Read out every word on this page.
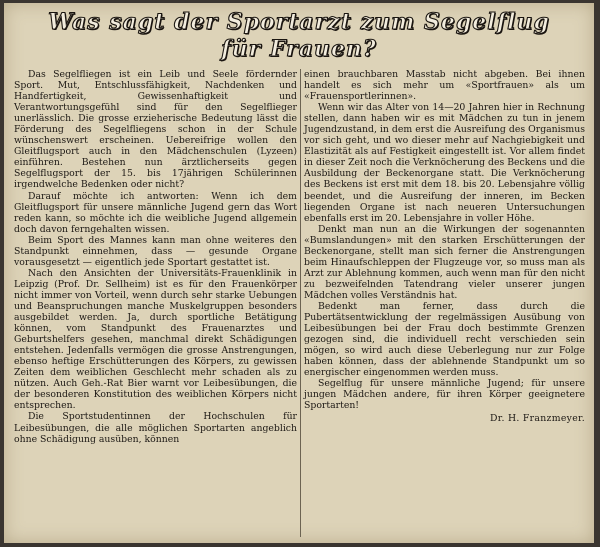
Was sagt der Sportarzt zum Segelflug
für Frauen?

Das Segelfliegen ist ein Leib und Seele fördernder Sport. Mut, Entschlussfähigkeit, Nachdenken und Handfertigkeit, Gewissenhaftigkeit und Verantwortungsgefühl sind für den Segelflieger unerlässlich. Die grosse erzieherische Bedeutung lässt die Förderung des Segelfliegens schon in der Schule wünschenswert erscheinen. Uebereifrige wollen den Gleitflugsport auch in den Mädchenschulen (Lyzeen) einführen. Bestehen nun ärztlicherseits gegen Segelflugsport der 15. bis 17jährigen Schülerinnen irgendwelche Bedenken oder nicht?

Darauf möchte ich antworten: Wenn ich dem Gleitflugsport für unsere männliche Jugend gern das Wort reden kann, so möchte ich die weibliche Jugend allgemein doch davon ferngehalten wissen.

Beim Sport des Mannes kann man ohne weiteres den Standpunkt einnehmen, dass — gesunde Organe vorausgesetzt — eigentlich jede Sportart gestattet ist.

Nach den Ansichten der Universitäts-Frauenklinik in Leipzig (Prof. Dr. Sellheim) ist es für den Frauenkörper nicht immer von Vorteil, wenn durch sehr starke Uebungen und Beanspruchungen manche Muskelgruppen besonders ausgebildet werden. Ja, durch sportliche Betätigung können, vom Standpunkt des Frauenarztes und Geburtshelfers gesehen, manchmal direkt Schädigungen entstehen. Jedenfalls vermögen die grosse Anstrengungen, ebenso heftige Erschütterungen des Körpers, zu gewissen Zeiten dem weiblichen Geschlecht mehr schaden als zu nützen. Auch Geh.-Rat Bier warnt vor Leibesübungen, die der besonderen Konstitution des weiblichen Körpers nicht entsprechen.

Die Sportstudentinnen der Hochschulen für Leibesübungen, die alle möglichen Sportarten angeblich ohne Schädigung ausüben, können

einen brauchbaren Masstab nicht abgeben. Bei ihnen handelt es sich mehr um «Sportfrauen» als um «Frauensportlerinnen».

Wenn wir das Alter von 14—20 Jahren hier in Rechnung stellen, dann haben wir es mit Mädchen zu tun in jenem Jugendzustand, in dem erst die Ausreifung des Organismus vor sich geht, und wo dieser mehr auf Nachgiebigkeit und Elastizität als auf Festigkeit eingestellt ist. Vor allem findet in dieser Zeit noch die Verknöcherung des Beckens und die Ausbildung der Beckenorgane statt. Die Verknöcherung des Beckens ist erst mit dem 18. bis 20. Lebensjahre völlig beendet, und die Ausreifung der inneren, im Becken liegenden Organe ist nach neueren Untersuchungen ebenfalls erst im 20. Lebensjahre in voller Höhe.

Denkt man nun an die Wirkungen der sogenannten «Bumslandungen» mit den starken Erschütterungen der Beckenorgane, stellt man sich ferner die Anstrengungen beim Hinaufschleppen der Flugzeuge vor, so muss man als Arzt zur Ablehnung kommen, auch wenn man für den nicht zu bezweifelnden Tatendrang vieler unserer jungen Mädchen volles Verständnis hat.

Bedenkt man ferner, dass durch die Pubertätsentwicklung der regelmässigen Ausübung von Leibesübungen bei der Frau doch bestimmte Grenzen gezogen sind, die individuell recht verschieden sein mögen, so wird auch diese Ueberlegung nur zur Folge haben können, dass der ablehnende Standpunkt um so energischer eingenommen werden muss.

Segelflug für unsere männliche Jugend; für unsere jungen Mädchen andere, für ihren Körper geeignetere Sportarten!

Dr. H. Franzmeyer.
